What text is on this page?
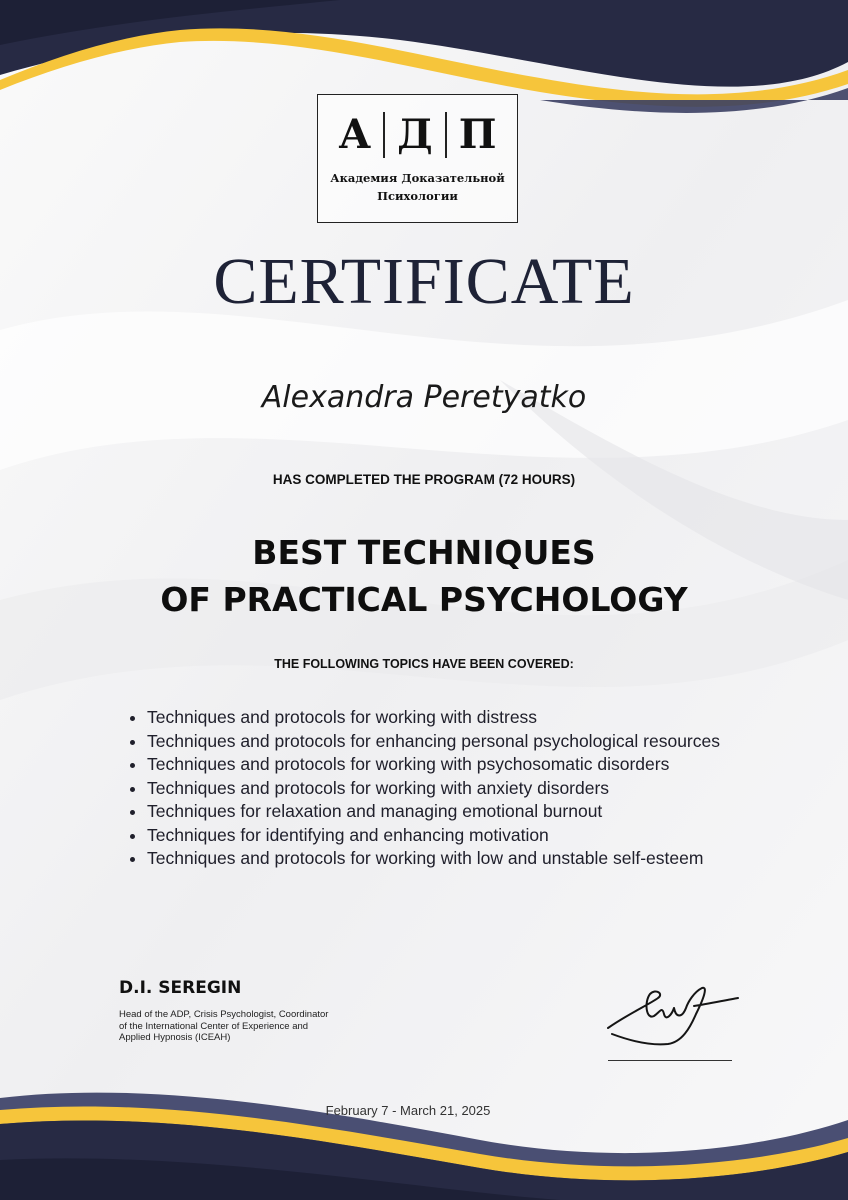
А Д П
Академия Доказательной
Психологии
CERTIFICATE
Alexandra Peretyatko
HAS COMPLETED THE PROGRAM (72 HOURS)
BEST TECHNIQUES
OF PRACTICAL PSYCHOLOGY
THE FOLLOWING TOPICS HAVE BEEN COVERED:
• Techniques and protocols for working with distress
• Techniques and protocols for enhancing personal psychological resources
• Techniques and protocols for working with psychosomatic disorders
• Techniques and protocols for working with anxiety disorders
• Techniques for relaxation and managing emotional burnout
• Techniques for identifying and enhancing motivation
• Techniques and protocols for working with low and unstable self-esteem
D.I. SEREGIN
Head of the ADP, Crisis Psychologist, Coordinator of the International Center of Experience and Applied Hypnosis (ICEAH)
February 7 - March 21, 2025
